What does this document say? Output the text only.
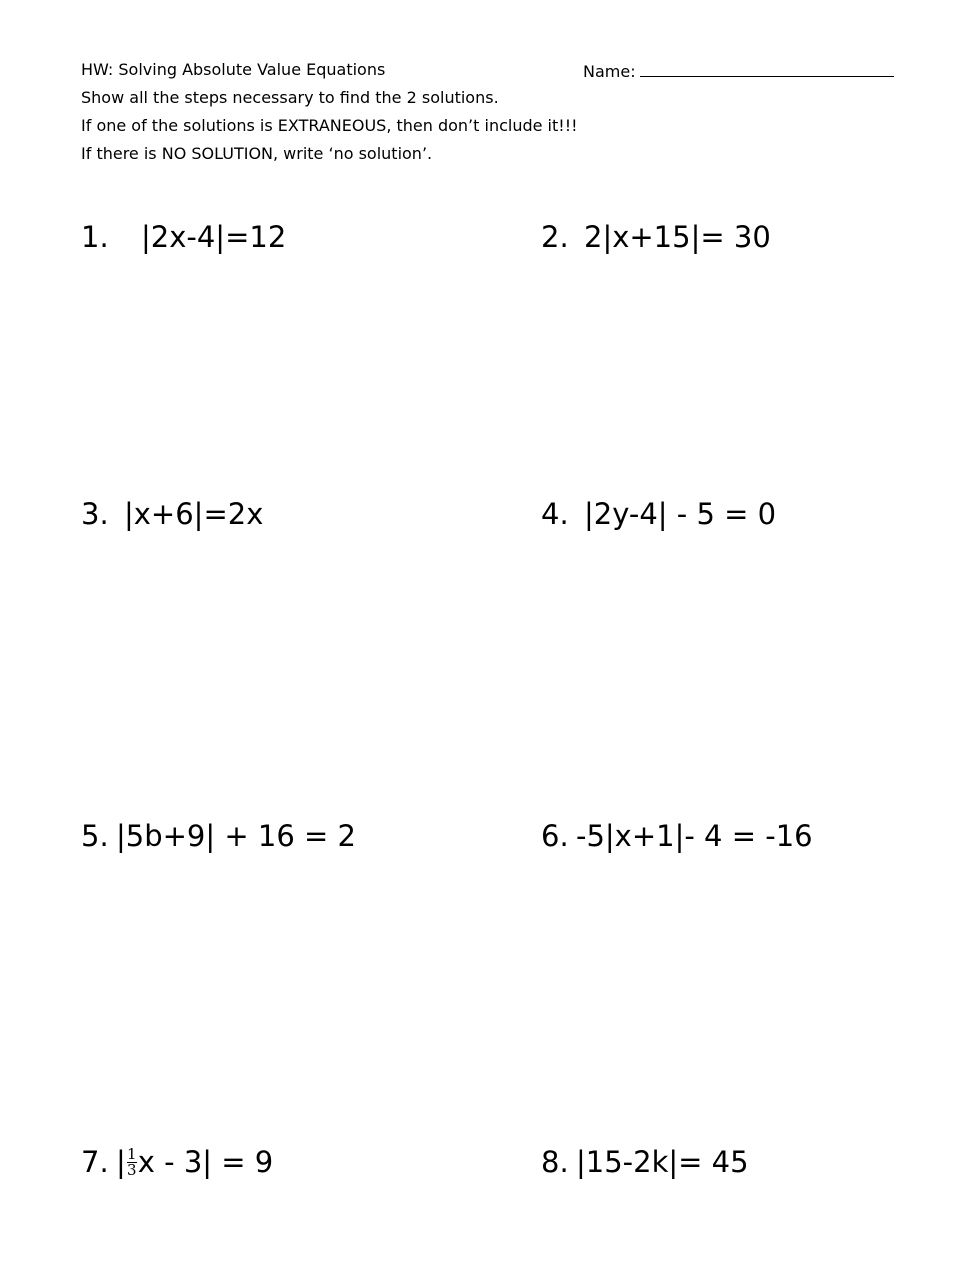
HW: Solving Absolute Value Equations	Name:
Show all the steps necessary to find the 2 solutions.
If one of the solutions is EXTRANEOUS, then don’t include it!!!
If there is NO SOLUTION, write ‘no solution’.
1. |2x-4|=12	2. 2|x+15|= 30
3. |x+6|=2x	4. |2y-4| - 5 = 0
5. |5b+9| + 16 = 2	6. -5|x+1|- 4 = -16
7. | $\frac{1}{3}$ x - 3| = 9	8. |15-2k|= 45
